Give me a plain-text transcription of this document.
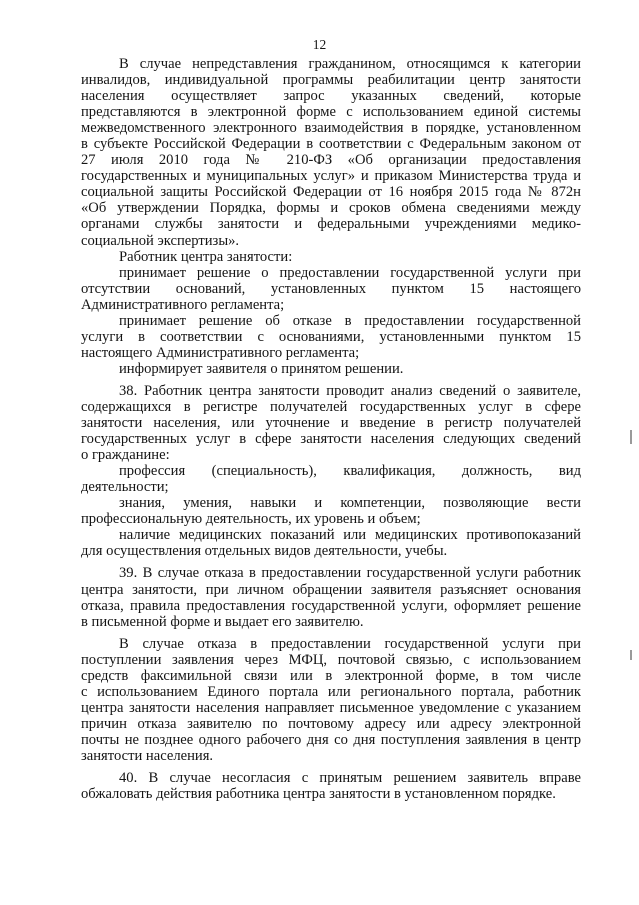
12

В случае непредставления гражданином, относящимся к категории
инвалидов, индивидуальной программы реабилитации центр занятости
населения осуществляет запрос указанных сведений, которые
представляются в электронной форме с использованием единой системы
межведомственного электронного взаимодействия в порядке, установленном
в субъекте Российской Федерации в соответствии с Федеральным законом от
27 июля 2010 года № 210-ФЗ «Об организации предоставления
государственных и муниципальных услуг» и приказом Министерства труда и
социальной защиты Российской Федерации от 16 ноября 2015 года № 872н
«Об утверждении Порядка, формы и сроков обмена сведениями между
органами службы занятости и федеральными учреждениями медико-
социальной экспертизы».

Работник центра занятости:

принимает решение о предоставлении государственной услуги при
отсутствии оснований, установленных пунктом 15 настоящего
Административного регламента;

принимает решение об отказе в предоставлении государственной
услуги в соответствии с основаниями, установленными пунктом 15
настоящего Административного регламента;

информирует заявителя о принятом решении.

38. Работник центра занятости проводит анализ сведений о заявителе,
содержащихся в регистре получателей государственных услуг в сфере
занятости населения, или уточнение и введение в регистр получателей
государственных услуг в сфере занятости населения следующих сведений
о гражданине:

профессия (специальность), квалификация, должность, вид
деятельности;

знания, умения, навыки и компетенции, позволяющие вести
профессиональную деятельность, их уровень и объем;

наличие медицинских показаний или медицинских противопоказаний
для осуществления отдельных видов деятельности, учебы.

39. В случае отказа в предоставлении государственной услуги работник
центра занятости, при личном обращении заявителя разъясняет основания
отказа, правила предоставления государственной услуги, оформляет решение
в письменной форме и выдает его заявителю.

В случае отказа в предоставлении государственной услуги при
поступлении заявления через МФЦ, почтовой связью, с использованием
средств факсимильной связи или в электронной форме, в том числе
с использованием Единого портала или регионального портала, работник
центра занятости населения направляет письменное уведомление с указанием
причин отказа заявителю по почтовому адресу или адресу электронной
почты не позднее одного рабочего дня со дня поступления заявления в центр
занятости населения.

40. В случае несогласия с принятым решением заявитель вправе
обжаловать действия работника центра занятости в установленном порядке.
